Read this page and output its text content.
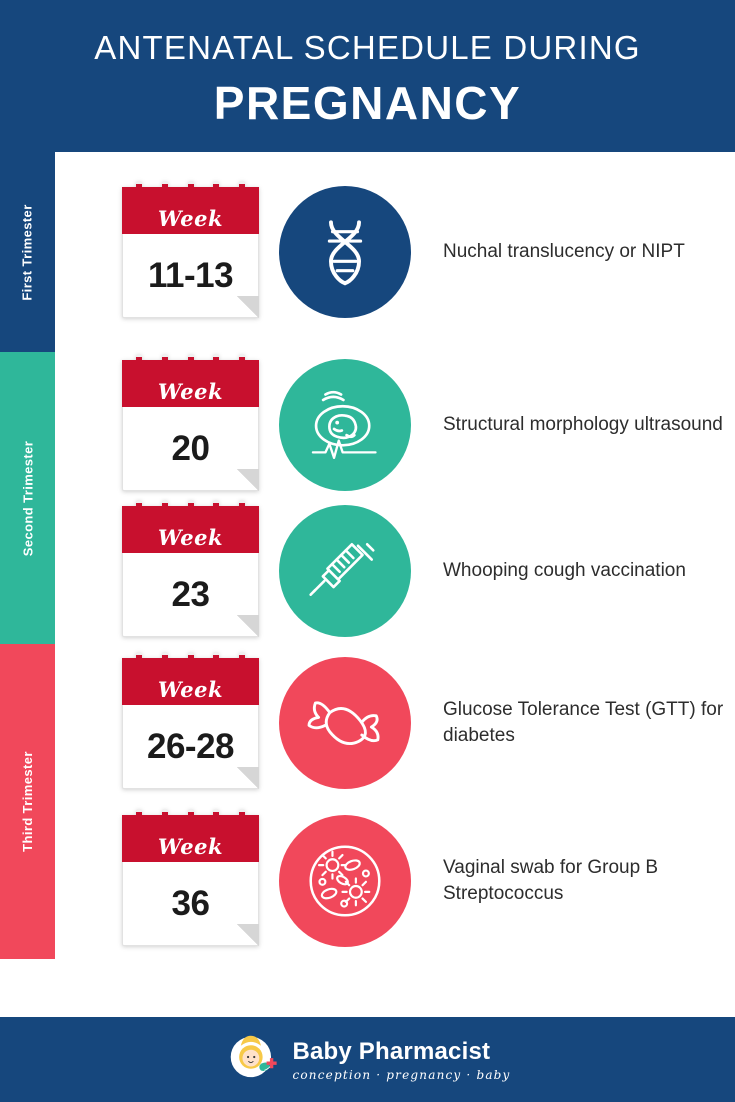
ANTENATAL SCHEDULE DURING
PREGNANCY
First Trimester	Week
11-13
Nuchal translucency or NIPT
Second Trimester
Week
20
Structural morphology ultrasound
Week
23
Whooping cough vaccination
Third Trimester
Week
26-28
Glucose Tolerance Test (GTT) for diabetes
Week
36
Vaginal swab for Group B Streptococcus
Baby Pharmacist
conception · pregnancy · baby
